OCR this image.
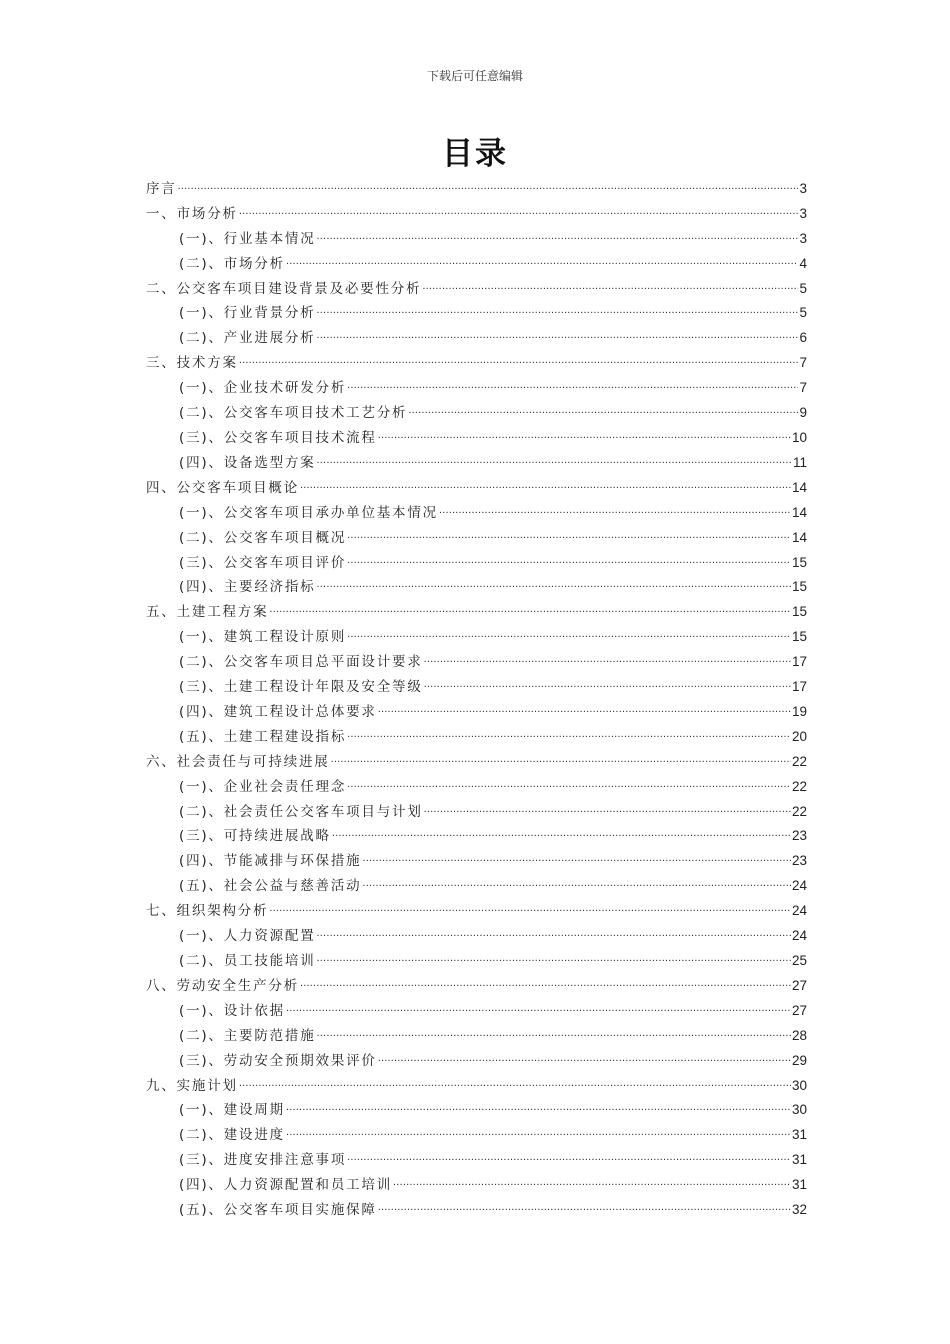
下载后可任意编辑
目录
序言 .....	3
一、市场分析 .....	3
(一)、行业基本情况 .....	3
(二)、市场分析 .....	4
二、公交客车项目建设背景及必要性分析 .....	5
(一)、行业背景分析 .....	5
(二)、产业进展分析 .....	6
三、技术方案 .....	7
(一)、企业技术研发分析 .....	7
(二)、公交客车项目技术工艺分析 .....	9
(三)、公交客车项目技术流程 .....	10
(四)、设备选型方案 .....	11
四、公交客车项目概论 .....	14
(一)、公交客车项目承办单位基本情况 .....	14
(二)、公交客车项目概况 .....	14
(三)、公交客车项目评价 .....	15
(四)、主要经济指标 .....	15
五、土建工程方案 .....	15
(一)、建筑工程设计原则 .....	15
(二)、公交客车项目总平面设计要求 .....	17
(三)、土建工程设计年限及安全等级 .....	17
(四)、建筑工程设计总体要求 .....	19
(五)、土建工程建设指标 .....	20
六、社会责任与可持续进展 .....	22
(一)、企业社会责任理念 .....	22
(二)、社会责任公交客车项目与计划 .....	22
(三)、可持续进展战略 .....	23
(四)、节能减排与环保措施 .....	23
(五)、社会公益与慈善活动 .....	24
七、组织架构分析 .....	24
(一)、人力资源配置 .....	24
(二)、员工技能培训 .....	25
八、劳动安全生产分析 .....	27
(一)、设计依据 .....	27
(二)、主要防范措施 .....	28
(三)、劳动安全预期效果评价 .....	29
九、实施计划 .....	30
(一)、建设周期 .....	30
(二)、建设进度 .....	31
(三)、进度安排注意事项 .....	31
(四)、人力资源配置和员工培训 .....	31
(五)、公交客车项目实施保障 .....	32
